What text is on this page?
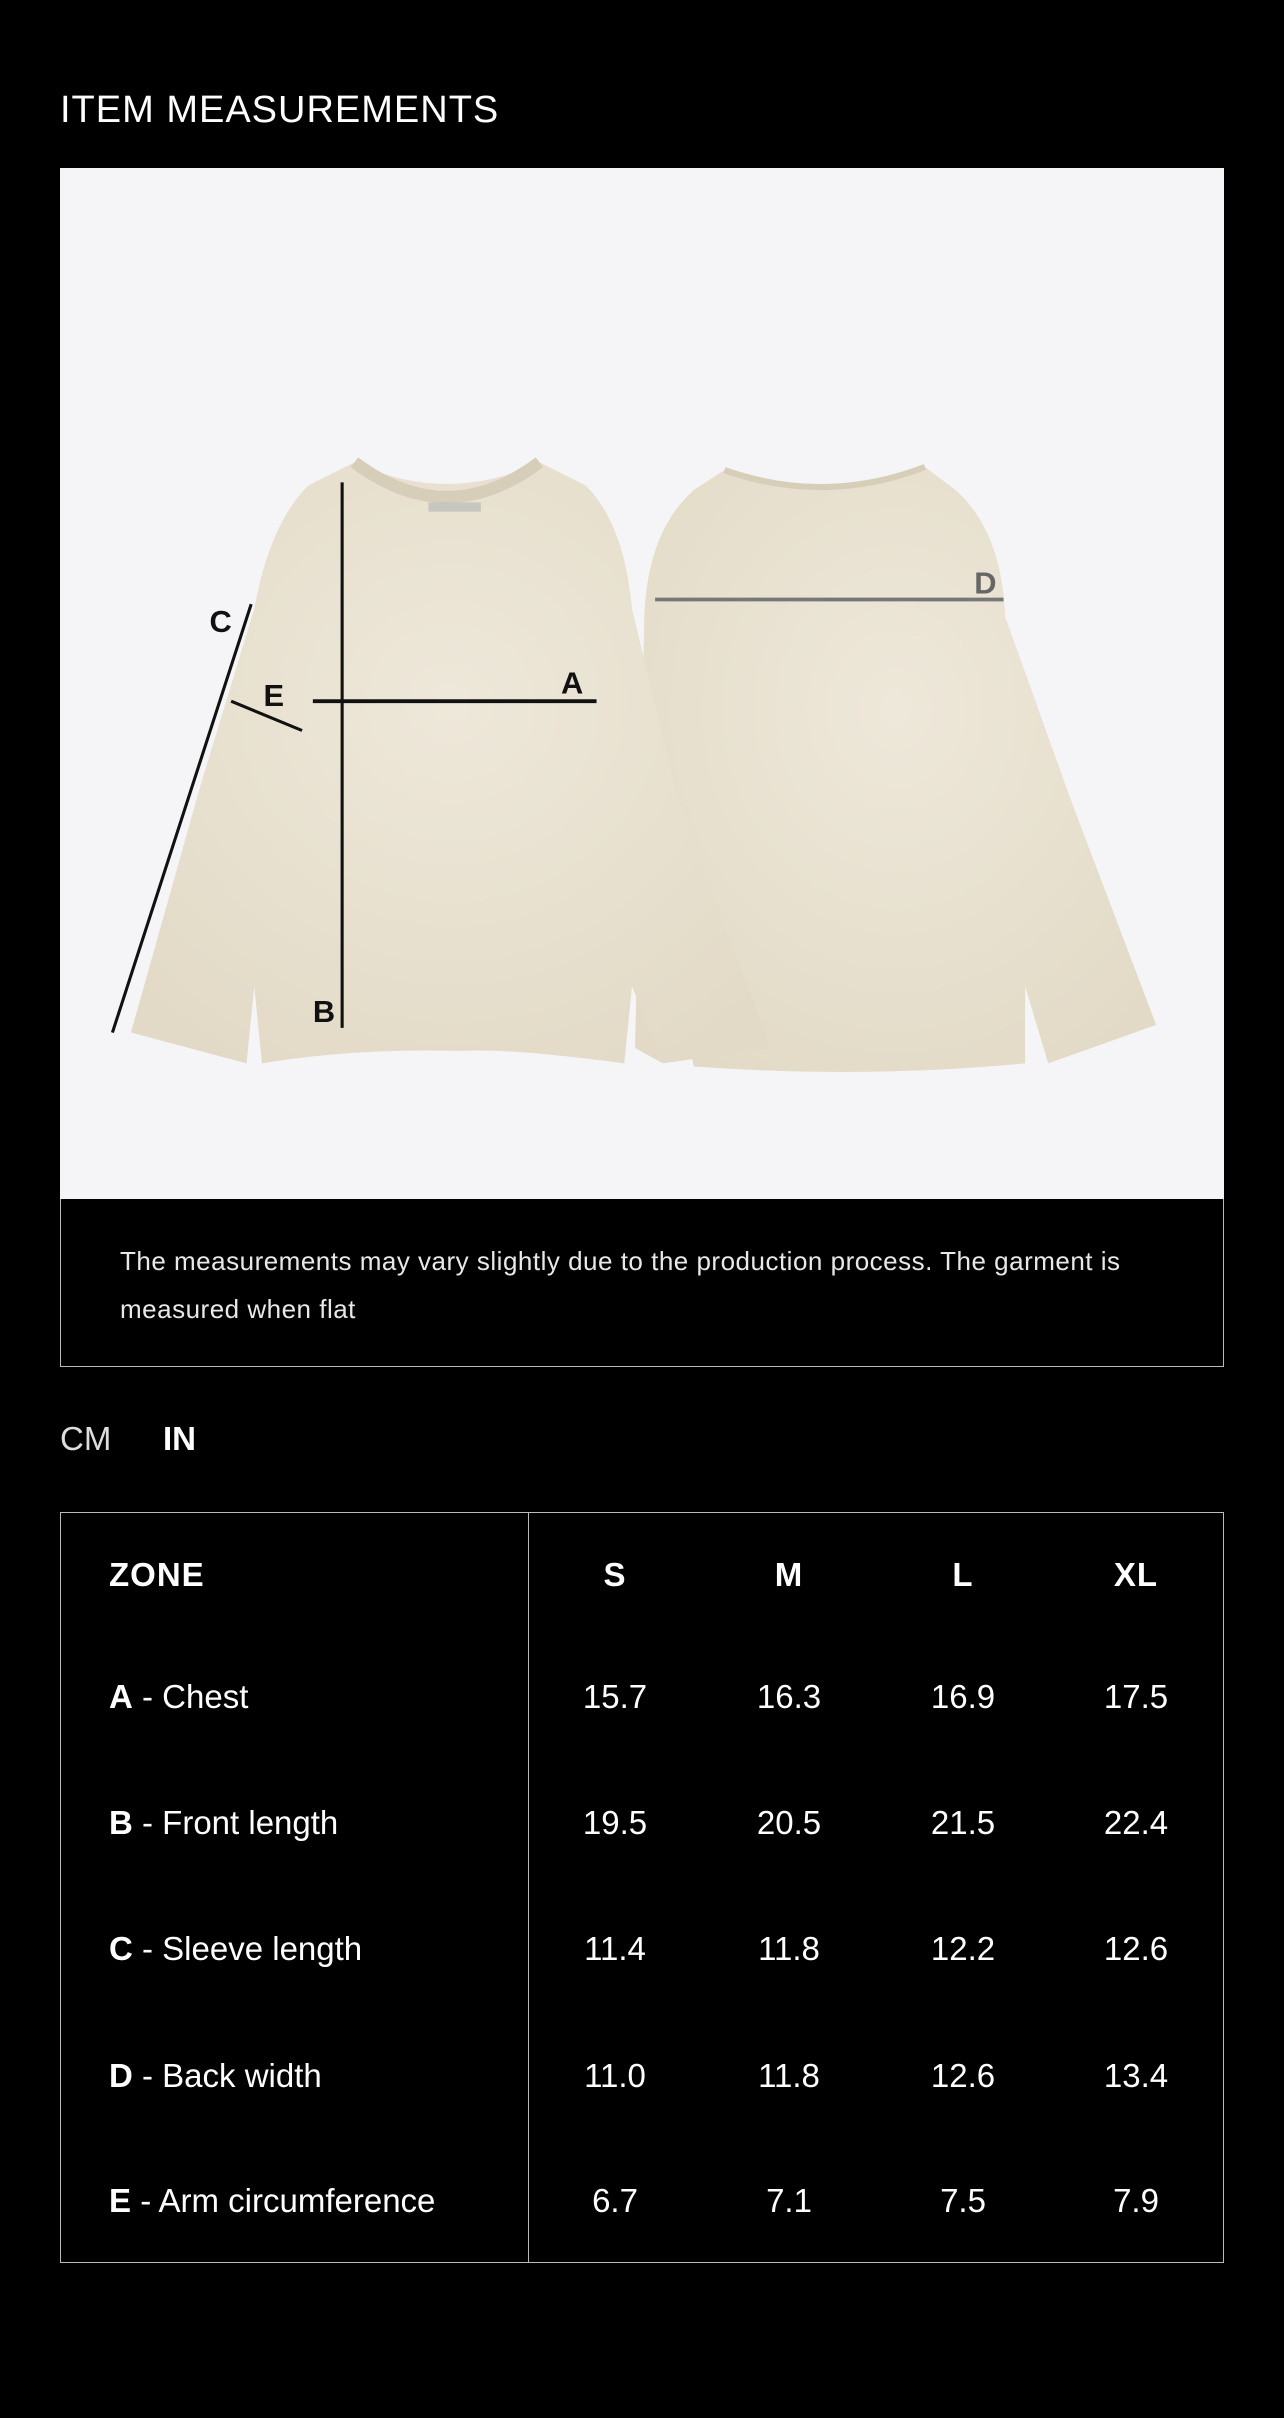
ITEM MEASUREMENTS
C
E	A
B
D

The measurements may vary slightly due to the production process. The garment is measured when flat

CM IN
ZONE	S	M	L	XL
A - Chest	15.7	16.3	16.9	17.5
B - Front length	19.5	20.5	21.5	22.4
C - Sleeve length	11.4	11.8	12.2	12.6
D - Back width	11.0	11.8	12.6	13.4
E - Arm circumference	6.7	7.1	7.5	7.9
